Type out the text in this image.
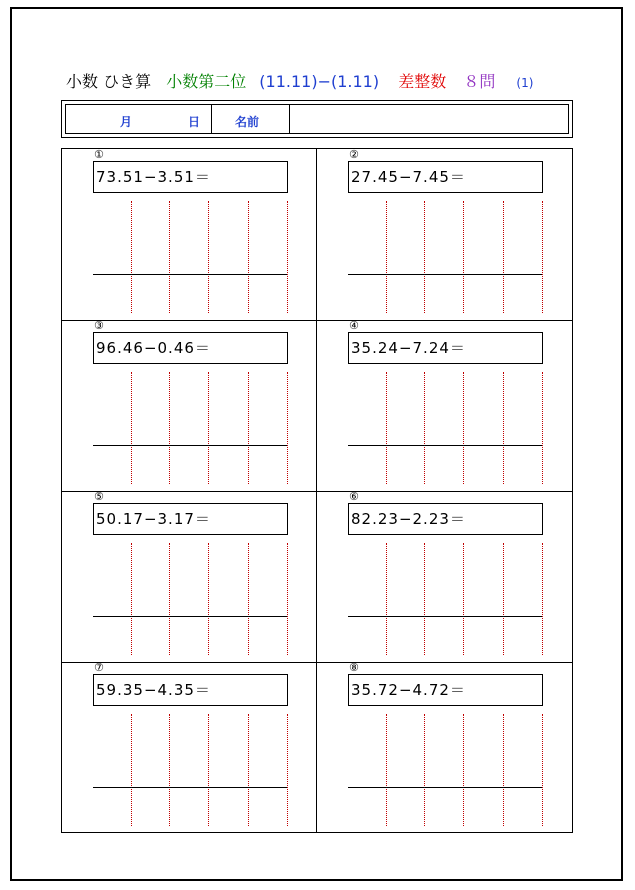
小数 ひき算 小数第二位 (11.11)−(1.11) 差整数 ８問 (1)
月	日	名前
①
73.51−3.51＝
②
27.45−7.45＝
③
96.46−0.46＝
④
35.24−7.24＝
⑤
50.17−3.17＝
⑥
82.23−2.23＝
⑦
59.35−4.35＝
⑧
35.72−4.72＝
